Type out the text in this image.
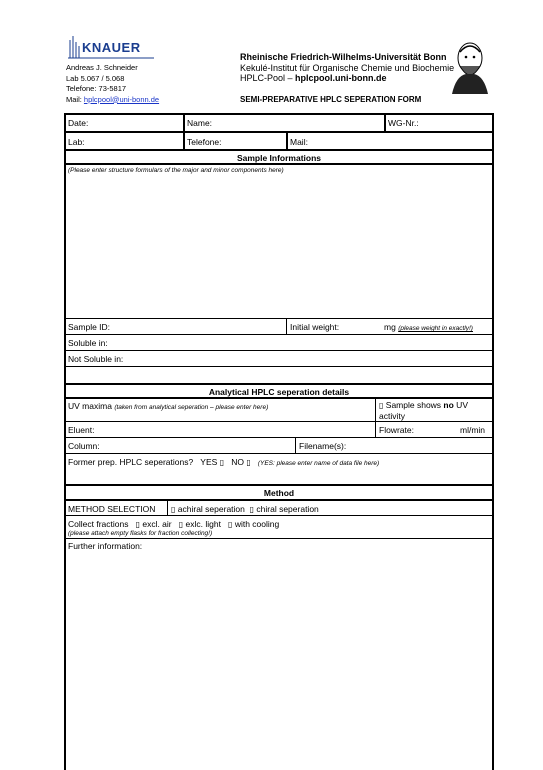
KNAUER
Andreas J. Schneider
Lab 5.067 / 5.068
Telefone: 73-5817
Mail: hplcpool@uni-bonn.de
Rheinische Friedrich-Wilhelms-Universität Bonn
Kekulé-Institut für Organische Chemie und Biochemie
HPLC-Pool – hplcpool.uni-bonn.de
SEMI-PREPARATIVE HPLC SEPERATION FORM
Date:	Name:	WG-Nr.:
Lab:	Telefone:	Mail:
Sample Informations
(Please enter structure formulars of the major and minor components here)
Sample ID:	Initial weight:	mg (please weight in exactly!)
Soluble in:
Not Soluble in:
Analytical HPLC seperation details
UV maxima (taken from analytical seperation – please enter here)	▯ Sample shows no UV
activity
Eluent:	Flowrate:	ml/min
Column:	Filename(s):
Former prep. HPLC seperations? YES ▯ NO ▯ (YES: please enter name of data file here)
Method
METHOD SELECTION ▯ achiral seperation ▯ chiral seperation
Collect fractions ▯ excl. air ▯ exlc. light ▯ with cooling
(please attach empty flasks for fraction collecting!)
Further information:
